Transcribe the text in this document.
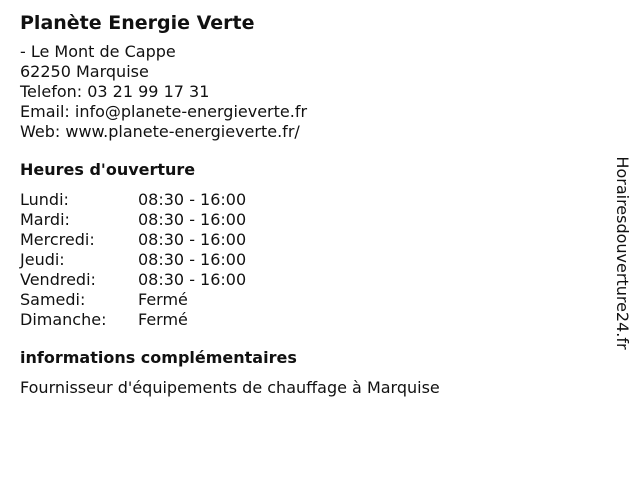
Planète Energie Verte
- Le Mont de Cappe
62250 Marquise
Telefon: 03 21 99 17 31
Email: info@planete-energieverte.fr
Web: www.planete-energieverte.fr/
Heures d'ouverture
Lundi:	08:30 - 16:00
Mardi:	08:30 - 16:00
Mercredi:	08:30 - 16:00
Jeudi:	08:30 - 16:00
Vendredi:	08:30 - 16:00
Samedi:	Fermé
Dimanche:	Fermé
informations complémentaires
Fournisseur d'équipements de chauffage à Marquise
Horairesdouverture24.fr
